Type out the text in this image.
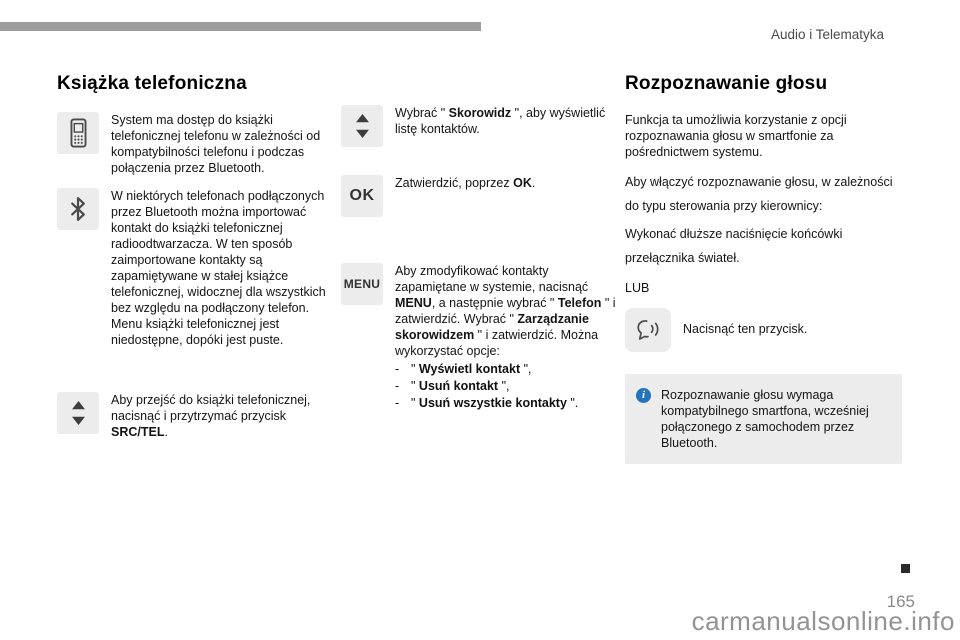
Audio i Telematyka
Książka telefoniczna

System ma dostęp do książki telefonicznej telefonu w zależności od kompatybilności telefonu i podczas połączenia przez Bluetooth.

W niektórych telefonach podłączonych przez Bluetooth można importować kontakt do książki telefonicznej radioodtwarzacza. W ten sposób zaimportowane kontakty są zapamiętywane w stałej książce telefonicznej, widocznej dla wszystkich bez względu na podłączony telefon. Menu książki telefonicznej jest niedostępne, dopóki jest puste.

Aby przejść do książki telefonicznej, nacisnąć i przytrzymać przycisk SRC/TEL.

Wybrać " Skorowidz ", aby wyświetlić listę kontaktów.

OK

Zatwierdzić, poprzez OK.

MENU

Aby zmodyfikować kontakty zapamiętane w systemie, nacisnąć MENU, a następnie wybrać " Telefon " i zatwierdzić. Wybrać " Zarządzanie skorowidzem " i zatwierdzić. Można wykorzystać opcje:

- " Wyświetl kontakt ",
- " Usuń kontakt ",
- " Usuń wszystkie kontakty ".
Rozpoznawanie głosu

Funkcja ta umożliwia korzystanie z opcji rozpoznawania głosu w smartfonie za pośrednictwem systemu.

Aby włączyć rozpoznawanie głosu, w zależności do typu sterowania przy kierownicy:

Wykonać dłuższe naciśnięcie końcówki przełącznika świateł.

LUB

Nacisnąć ten przycisk.

i	Rozpoznawanie głosu wymaga kompatybilnego smartfona, wcześniej połączonego z samochodem przez Bluetooth.

165
carmanualsonline.info
